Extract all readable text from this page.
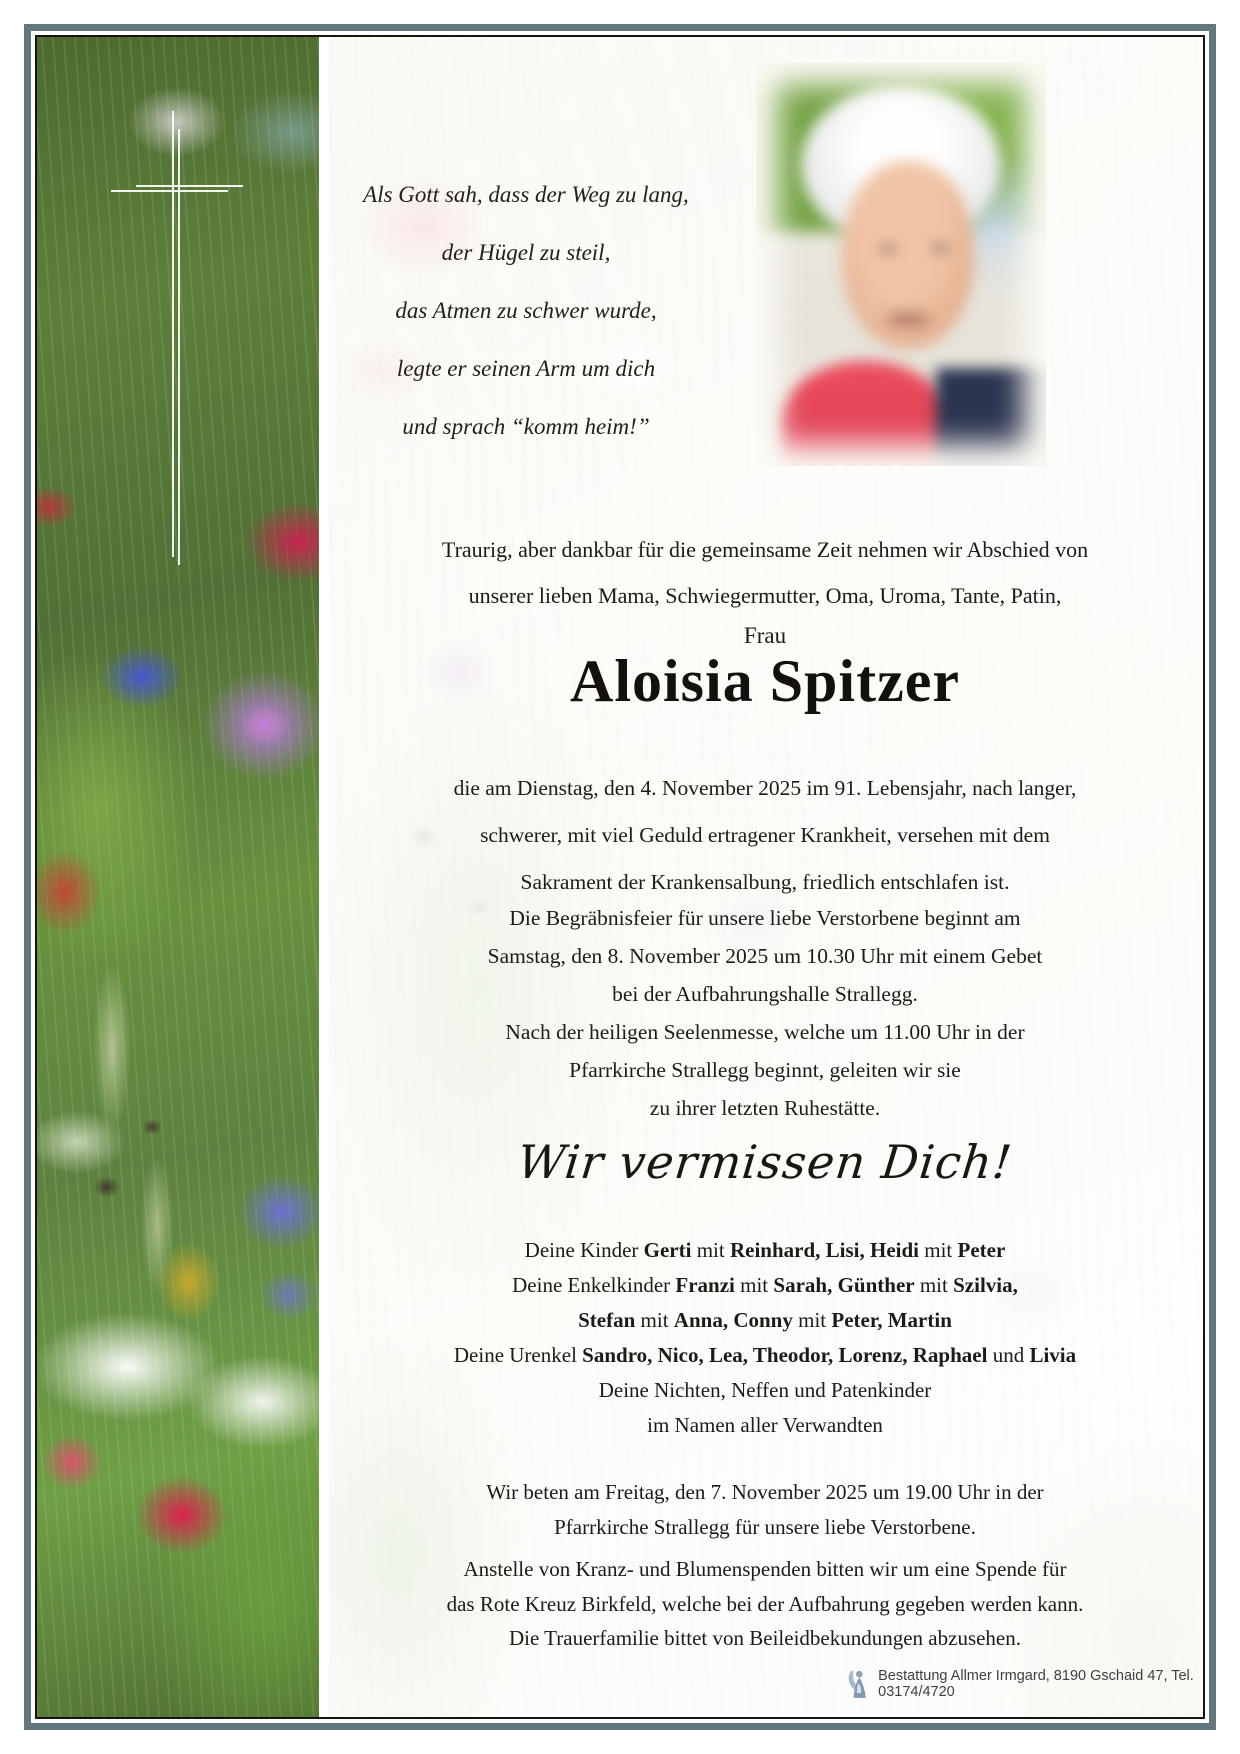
Als Gott sah, dass der Weg zu lang,
der Hügel zu steil,
das Atmen zu schwer wurde,
legte er seinen Arm um dich
und sprach “komm heim!”
Traurig, aber dankbar für die gemeinsame Zeit nehmen wir Abschied von
unserer lieben Mama, Schwiegermutter, Oma, Uroma, Tante, Patin,
Frau
Aloisia Spitzer
die am Dienstag, den 4. November 2025 im 91. Lebensjahr, nach langer,
schwerer, mit viel Geduld ertragener Krankheit, versehen mit dem
Sakrament der Krankensalbung, friedlich entschlafen ist.
Die Begräbnisfeier für unsere liebe Verstorbene beginnt am
Samstag, den 8. November 2025 um 10.30 Uhr mit einem Gebet
bei der Aufbahrungshalle Strallegg.
Nach der heiligen Seelenmesse, welche um 11.00 Uhr in der
Pfarrkirche Strallegg beginnt, geleiten wir sie
zu ihrer letzten Ruhestätte.
Wir vermissen Dich!
Deine Kinder Gerti mit Reinhard, Lisi, Heidi mit Peter
Deine Enkelkinder Franzi mit Sarah, Günther mit Szilvia,
Stefan mit Anna, Conny mit Peter, Martin
Deine Urenkel Sandro, Nico, Lea, Theodor, Lorenz, Raphael und Livia
Deine Nichten, Neffen und Patenkinder
im Namen aller Verwandten
Wir beten am Freitag, den 7. November 2025 um 19.00 Uhr in der
Pfarrkirche Strallegg für unsere liebe Verstorbene.
Anstelle von Kranz- und Blumenspenden bitten wir um eine Spende für
das Rote Kreuz Birkfeld, welche bei der Aufbahrung gegeben werden kann.
Die Trauerfamilie bittet von Beileidbekundungen abzusehen.
Bestattung Allmer Irmgard, 8190 Gschaid 47, Tel. 03174/4720
